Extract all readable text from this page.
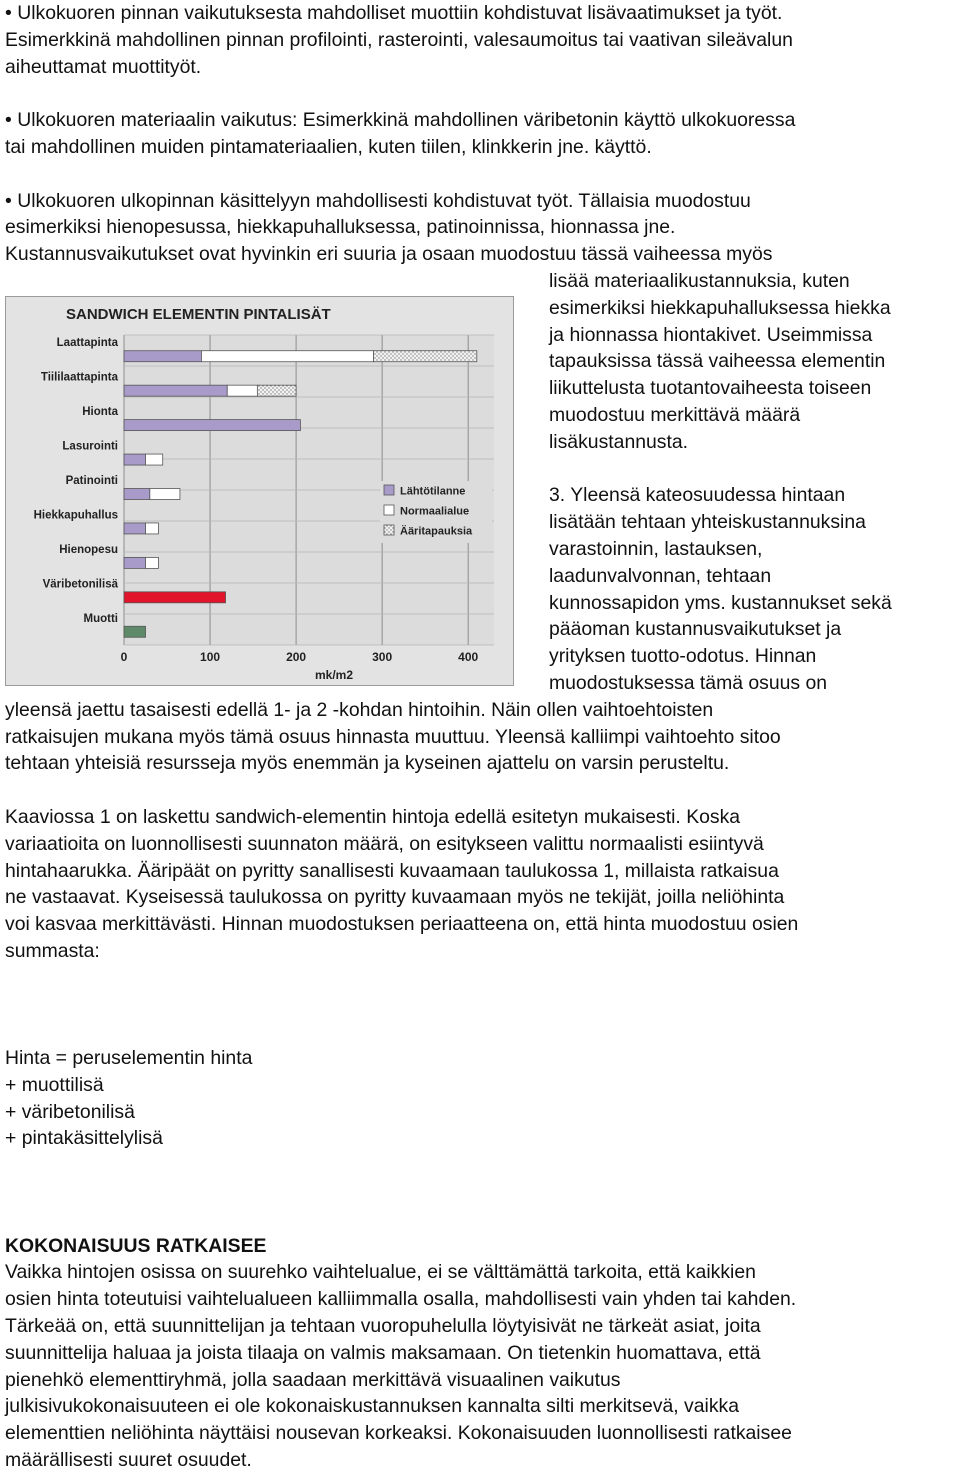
• Ulkokuoren pinnan vaikutuksesta mahdolliset muottiin kohdistuvat lisävaatimukset ja työt.
Esimerkkinä mahdollinen pinnan profilointi, rasterointi, valesaumoitus tai vaativan sileävalun
aiheuttamat muottityöt.

• Ulkokuoren materiaalin vaikutus: Esimerkkinä mahdollinen väribetonin käyttö ulkokuoressa
tai mahdollinen muiden pintamateriaalien, kuten tiilen, klinkkerin jne. käyttö.

• Ulkokuoren ulkopinnan käsittelyyn mahdollisesti kohdistuvat työt. Tällaisia muodostuu
esimerkiksi hienopesussa, hiekkapuhalluksessa, patinoinnissa, hionnassa jne.
Kustannusvaikutukset ovat hyvinkin eri suuria ja osaan muodostuu tässä vaiheessa myös
lisää materiaalikustannuksia, kuten
esimerkiksi hiekkapuhalluksessa hiekka
ja hionnassa hiontakivet. Useimmissa
tapauksissa tässä vaiheessa elementin
liikuttelusta tuotantovaiheesta toiseen
muodostuu merkittävä määrä
lisäkustannusta.

3. Yleensä kateosuudessa hintaan
lisätään tehtaan yhteiskustannuksina
varastoinnin, lastauksen,
laadunvalvonnan, tehtaan
kunnossapidon yms. kustannukset sekä
pääoman kustannusvaikutukset ja
yrityksen tuotto-odotus. Hinnan
muodostuksessa tämä osuus on
yleensä jaettu tasaisesti edellä 1- ja 2 -kohdan hintoihin. Näin ollen vaihtoehtoisten
ratkaisujen mukana myös tämä osuus hinnasta muuttuu. Yleensä kalliimpi vaihtoehto sitoo
tehtaan yhteisiä resursseja myös enemmän ja kyseinen ajattelu on varsin perusteltu.

Kaaviossa 1 on laskettu sandwich-elementin hintoja edellä esitetyn mukaisesti. Koska
variaatioita on luonnollisesti suunnaton määrä, on esitykseen valittu normaalisti esiintyvä
hintahaarukka. Ääripäät on pyritty sanallisesti kuvaamaan taulukossa 1, millaista ratkaisua
ne vastaavat. Kyseisessä taulukossa on pyritty kuvaamaan myös ne tekijät, joilla neliöhinta
voi kasvaa merkittävästi. Hinnan muodostuksen periaatteena on, että hinta muodostuu osien
summasta:

Hinta = peruselementin hinta
+ muottilisä
+ väribetonilisä
+ pintakäsittelylisä

KOKONAISUUS RATKAISEE
Vaikka hintojen osissa on suurehko vaihtelualue, ei se välttämättä tarkoita, että kaikkien
osien hinta toteutuisi vaihtelualueen kalliimmalla osalla, mahdollisesti vain yhden tai kahden.
Tärkeää on, että suunnittelijan ja tehtaan vuoropuhelulla löytyisivät ne tärkeät asiat, joita
suunnittelija haluaa ja joista tilaaja on valmis maksamaan. On tietenkin huomattava, että
pienehkö elementtiryhmä, jolla saadaan merkittävä visuaalinen vaikutus
julkisivukokonaisuuteen ei ole kokonaiskustannuksen kannalta silti merkitsevä, vaikka
elementtien neliöhinta näyttäisi nousevan korkeaksi. Kokonaisuuden luonnollisesti ratkaisee
määrällisesti suuret osuudet.

0	100	200	300	400
Laattapinta
Tiililaattapinta
Hionta
Lasurointi
Patinointi
Hiekkapuhallus
Hienopesu
Väribetonilisä
Muotti
Lähtötilanne
Normaalialue
Ääritapauksia
SANDWICH ELEMENTIN PINTALISÄT
mk/m2
